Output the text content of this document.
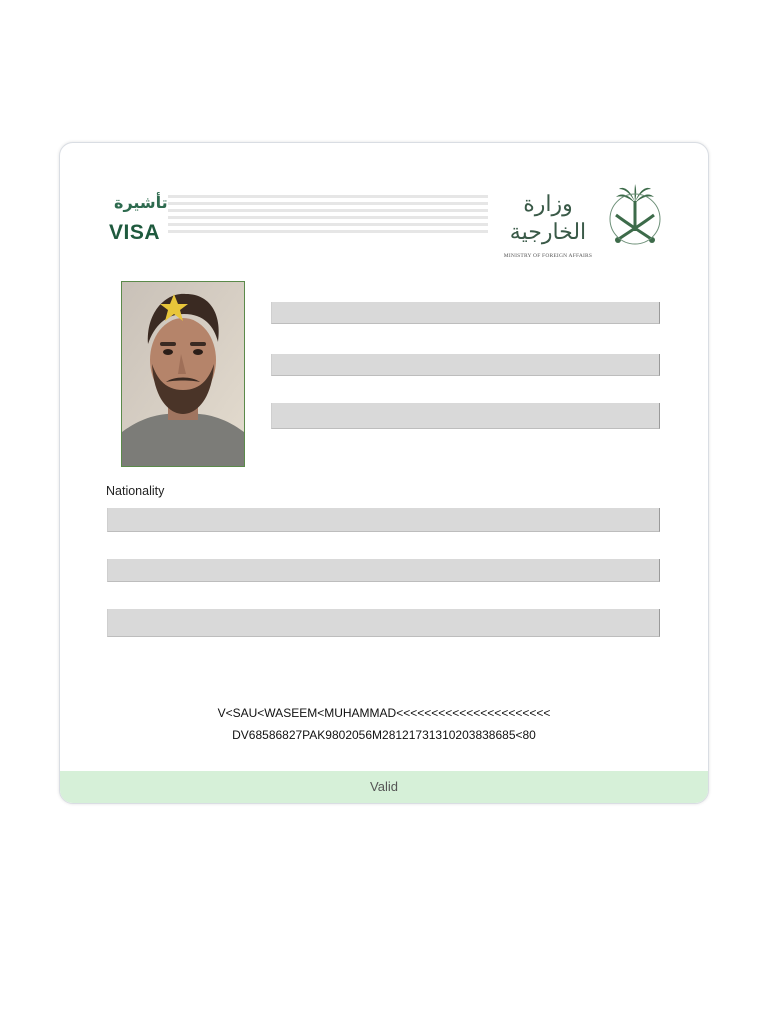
تأشيرة
VISA
وزارة الخارجية
MINISTRY OF FOREIGN AFFAIRS
Nationality
V<SAU<WASEEM<MUHAMMAD<<<<<<<<<<<<<<<<<<<<<<
DV68586827PAK9802056M28121731310203838685<80
Valid
